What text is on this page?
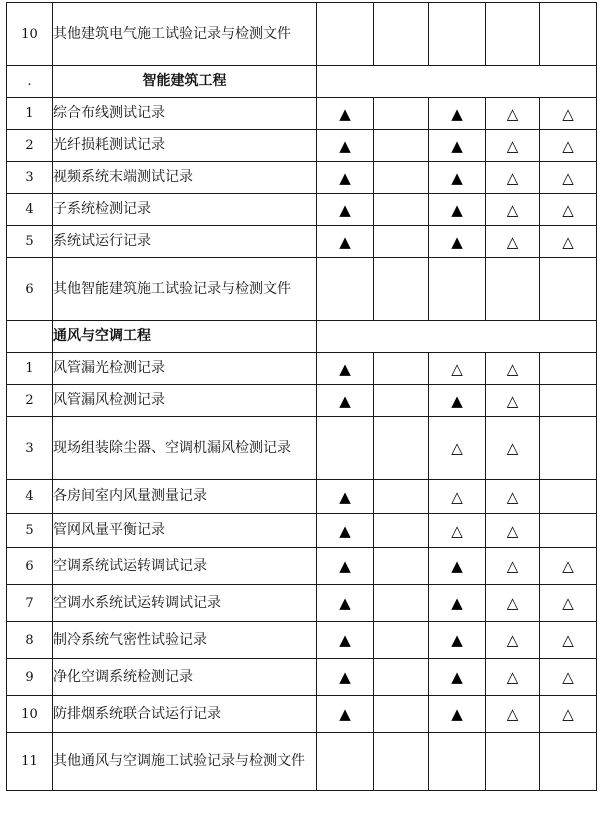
10	其他建筑电气施工试验记录与检测文件					
.	智能建筑工程					
1	综合布线测试记录	▲		▲	△	△
2	光纤损耗测试记录	▲		▲	△	△
3	视频系统末端测试记录	▲		▲	△	△
4	子系统检测记录	▲		▲	△	△
5	系统试运行记录	▲		▲	△	△
6	其他智能建筑施工试验记录与检测文件					
	通风与空调工程					
1	风管漏光检测记录	▲		△	△	
2	风管漏风检测记录	▲		▲	△	
3	现场组装除尘器、空调机漏风检测记录			△	△	
4	各房间室内风量测量记录	▲		△	△	
5	管网风量平衡记录	▲		△	△	
6	空调系统试运转调试记录	▲		▲	△	△
7	空调水系统试运转调试记录	▲		▲	△	△
8	制冷系统气密性试验记录	▲		▲	△	△
9	净化空调系统检测记录	▲		▲	△	△
10	防排烟系统联合试运行记录	▲		▲	△	△
11	其他通风与空调施工试验记录与检测文件					
